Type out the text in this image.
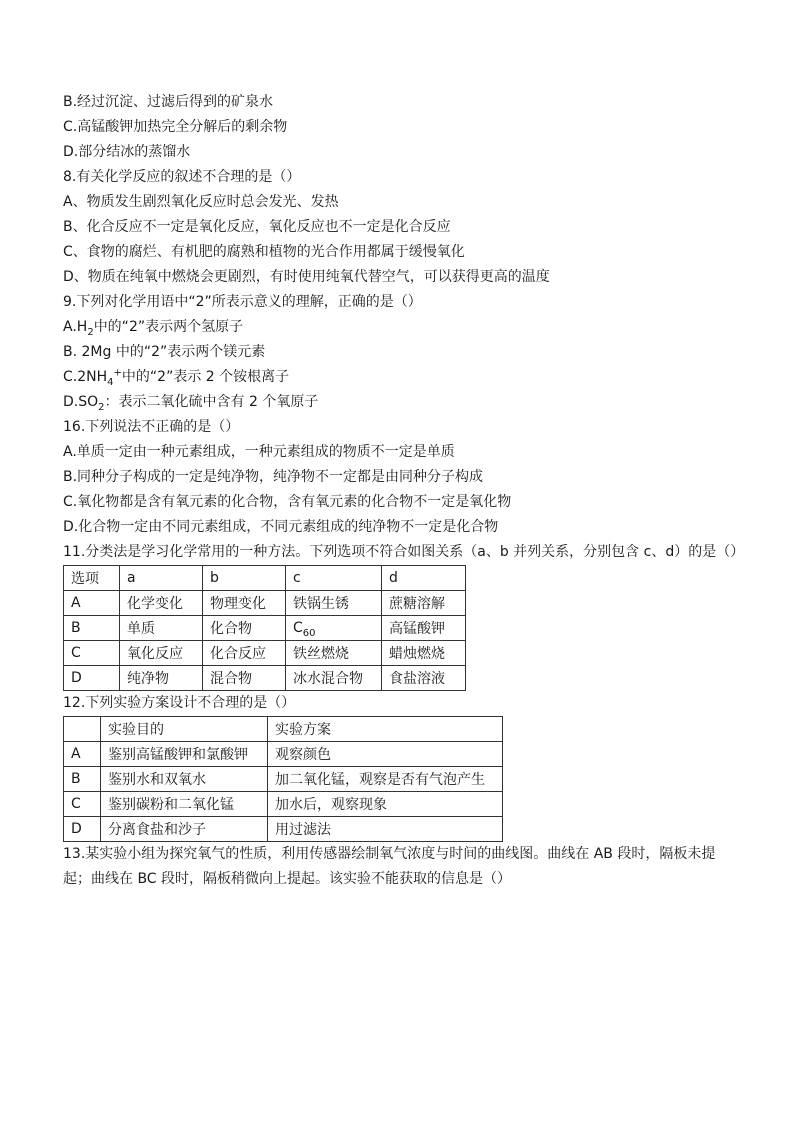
B.经过沉淀、过滤后得到的矿泉水
C.高锰酸钾加热完全分解后的剩余物
D.部分结冰的蒸馏水
8.有关化学反应的叙述不合理的是（）
A、物质发生剧烈氧化反应时总会发光、发热
B、化合反应不一定是氧化反应，氧化反应也不一定是化合反应
C、食物的腐烂、有机肥的腐熟和植物的光合作用都属于缓慢氧化
D、物质在纯氧中燃烧会更剧烈，有时使用纯氧代替空气，可以获得更高的温度
9.下列对化学用语中“2”所表示意义的理解，正确的是（）
$A.H_2$中的“2”表示两个氢原子
B. 2Mg 中的“2”表示两个镁元素
$C.2NH_4^+$中的“2”表示 2 个铵根离子
$D.SO_2$：表示二氧化硫中含有 2 个氧原子
16.下列说法不正确的是（）
A.单质一定由一种元素组成，一种元素组成的物质不一定是单质
B.同种分子构成的一定是纯净物，纯净物不一定都是由同种分子构成
C.氧化物都是含有氧元素的化合物，含有氧元素的化合物不一定是氧化物
D.化合物一定由不同元素组成，不同元素组成的纯净物不一定是化合物
11.分类法是学习化学常用的一种方法。下列选项不符合如图关系（a、b 并列关系，分别包含 c、d）的是（）
选项	a	b	c	d
A	化学变化	物理变化	铁锅生锈	蔗糖溶解
B	单质	化合物	$C_{60}$	高锰酸钾
C	氧化反应	化合反应	铁丝燃烧	蜡烛燃烧
D	纯净物	混合物	冰水混合物	食盐溶液
12.下列实验方案设计不合理的是（）
	实验目的	实验方案
A	鉴别高锰酸钾和氯酸钾	观察颜色
B	鉴别水和双氧水	加二氧化锰，观察是否有气泡产生
C	鉴别碳粉和二氧化锰	加水后，观察现象
D	分离食盐和沙子	用过滤法
13.某实验小组为探究氧气的性质，利用传感器绘制氧气浓度与时间的曲线图。曲线在 AB 段时，隔板未提起；曲线在 BC 段时，隔板稍微向上提起。该实验不能获取的信息是（）
